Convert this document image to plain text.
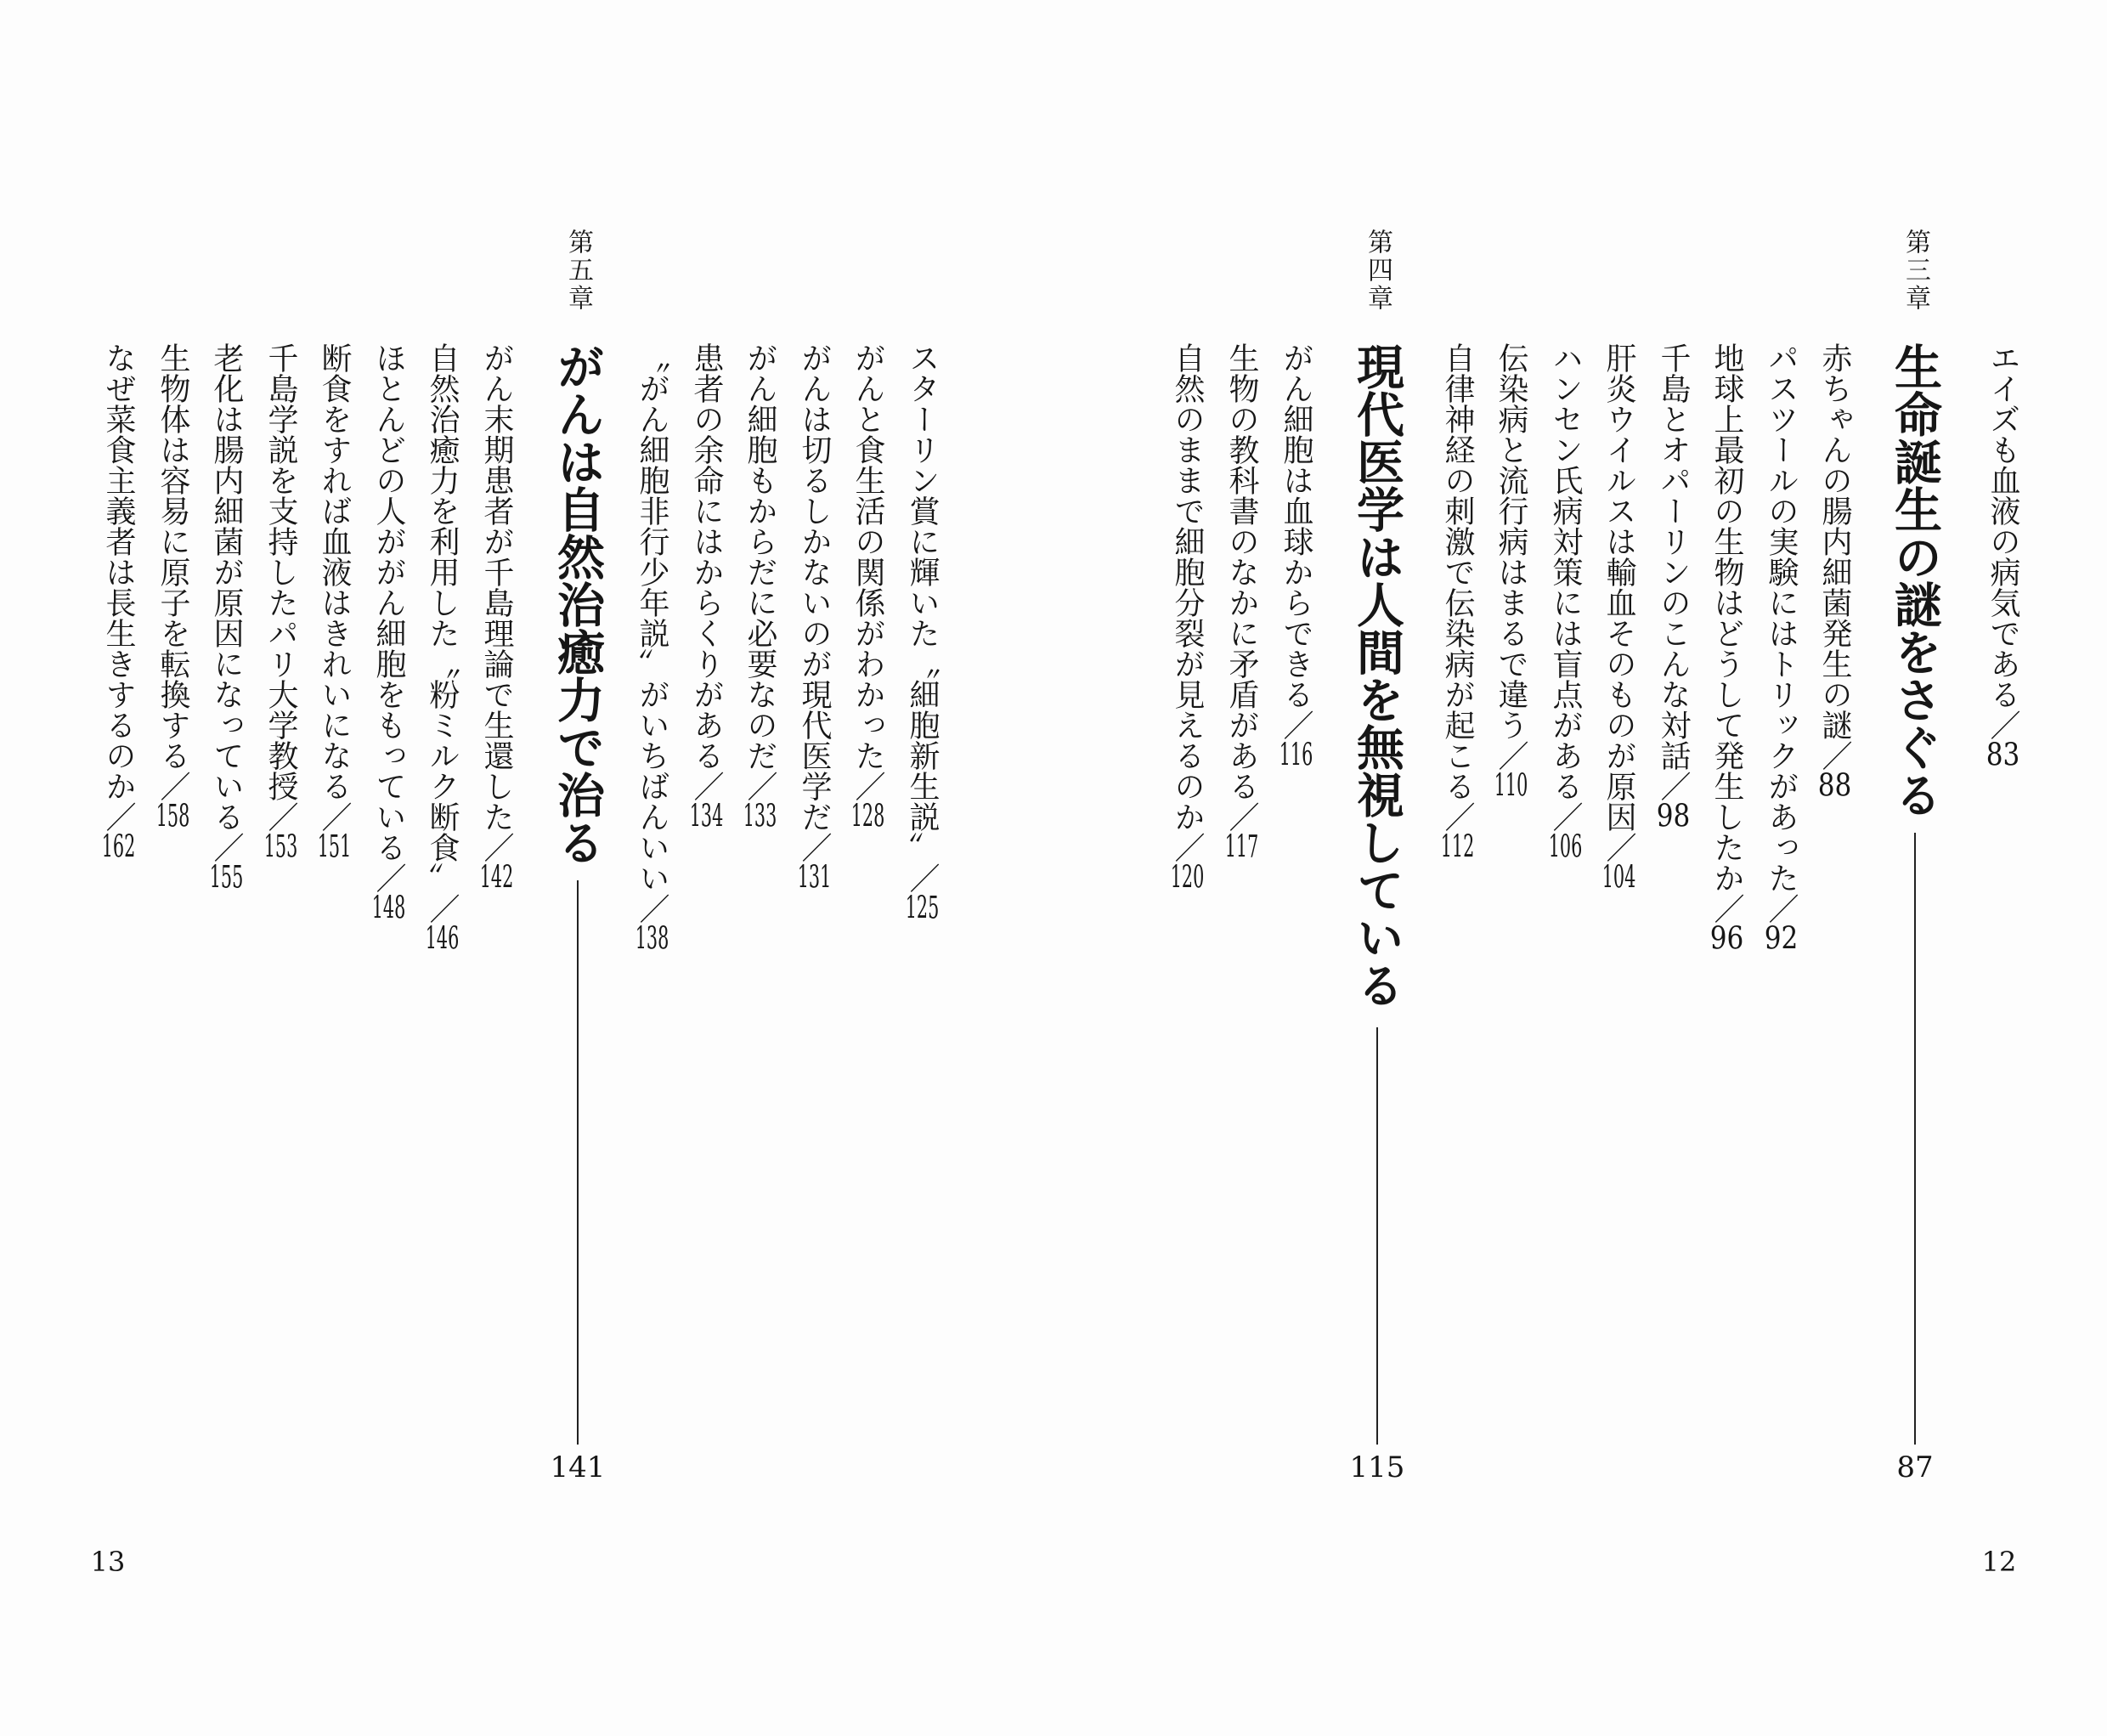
エイズも血液の病気である／83
第三章
生命誕生の謎をさぐる
87
赤ちゃんの腸内細菌発生の謎／88
パスツールの実験にはトリックがあった／92
地球上最初の生物はどうして発生したか／96
千島とオパーリンのこんな対話／98
肝炎ウイルスは輸血そのものが原因／104
ハンセン氏病対策には盲点がある／106
伝染病と流行病はまるで違う／110
自律神経の刺激で伝染病が起こる／112
第四章
現代医学は人間を無視している
115
がん細胞は血球からできる／116
生物の教科書のなかに矛盾がある／117
自然のままで細胞分裂が見えるのか／120
12
スターリン賞に輝いた〝細胞新生説〟／125
がんと食生活の関係がわかった／128
がんは切るしかないのが現代医学だ／131
がん細胞もからだに必要なのだ／133
患者の余命にはからくりがある／134
〝がん細胞非行少年説〟がいちばんいい／138
第五章
がんは自然治癒力で治る
141
がん末期患者が千島理論で生還した／142
自然治癒力を利用した〝粉ミルク断食〟／146
ほとんどの人ががん細胞をもっている／148
断食をすれば血液はきれいになる／151
千島学説を支持したパリ大学教授／153
老化は腸内細菌が原因になっている／155
生物体は容易に原子を転換する／158
なぜ菜食主義者は長生きするのか／162
13
